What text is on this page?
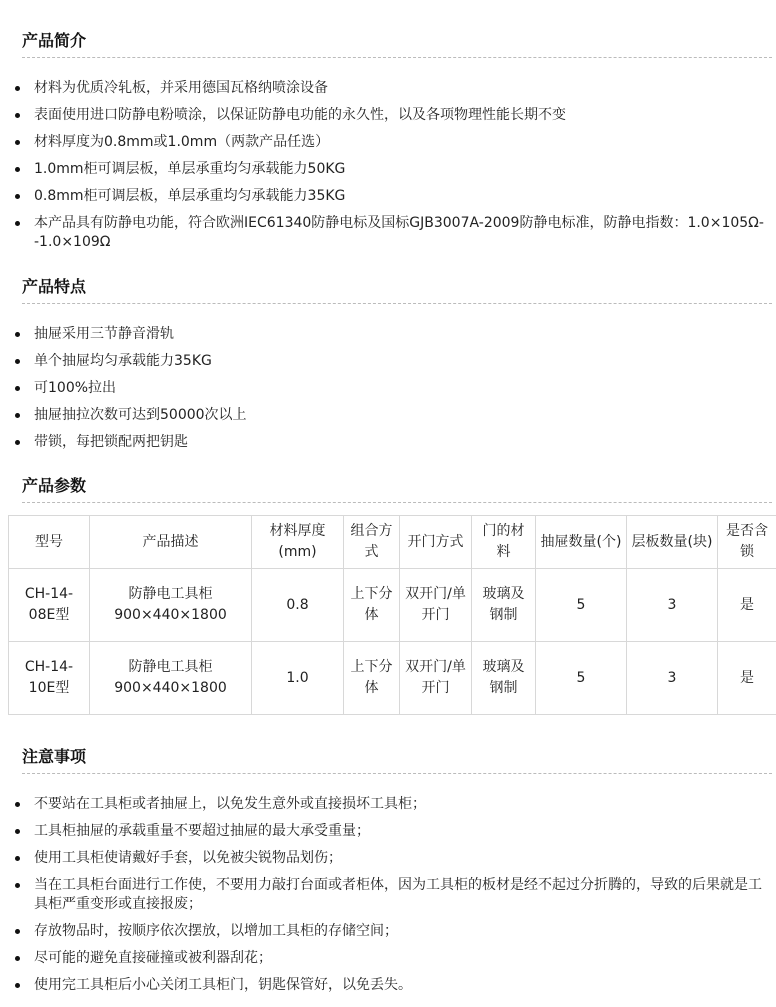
产品简介
材料为优质冷轧板，并采用德国瓦格纳喷涂设备
表面使用进口防静电粉喷涂，以保证防静电功能的永久性，以及各项物理性能长期不变
材料厚度为0.8mm或1.0mm（两款产品任选）
1.0mm柜可调层板，单层承重均匀承载能力50KG
0.8mm柜可调层板，单层承重均匀承载能力35KG
本产品具有防静电功能，符合欧洲IEC61340防静电标及国标GJB3007A-2009防静电标准，防静电指数：1.0×105Ω--1.0×109Ω
产品特点
抽屉采用三节静音滑轨
单个抽屉均匀承载能力35KG
可100%拉出
抽屉抽拉次数可达到50000次以上
带锁，每把锁配两把钥匙
产品参数
型号	产品描述	材料厚度(mm)	组合方式	开门方式	门的材料	抽屉数量(个)	层板数量(块)	是否含锁
CH-14-08E型	防静电工具柜900×440×1800	0.8	上下分体	双开门/单开门	玻璃及钢制	5	3	是
CH-14-10E型	防静电工具柜900×440×1800	1.0	上下分体	双开门/单开门	玻璃及钢制	5	3	是
注意事项
不要站在工具柜或者抽屉上，以免发生意外或直接损坏工具柜；
工具柜抽屉的承载重量不要超过抽屉的最大承受重量；
使用工具柜使请戴好手套，以免被尖锐物品划伤；
当在工具柜台面进行工作使，不要用力敲打台面或者柜体，因为工具柜的板材是经不起过分折腾的，导致的后果就是工具柜严重变形或直接报废；
存放物品时，按顺序依次摆放，以增加工具柜的存储空间；
尽可能的避免直接碰撞或被利器刮花；
使用完工具柜后小心关闭工具柜门，钥匙保管好，以免丢失。
